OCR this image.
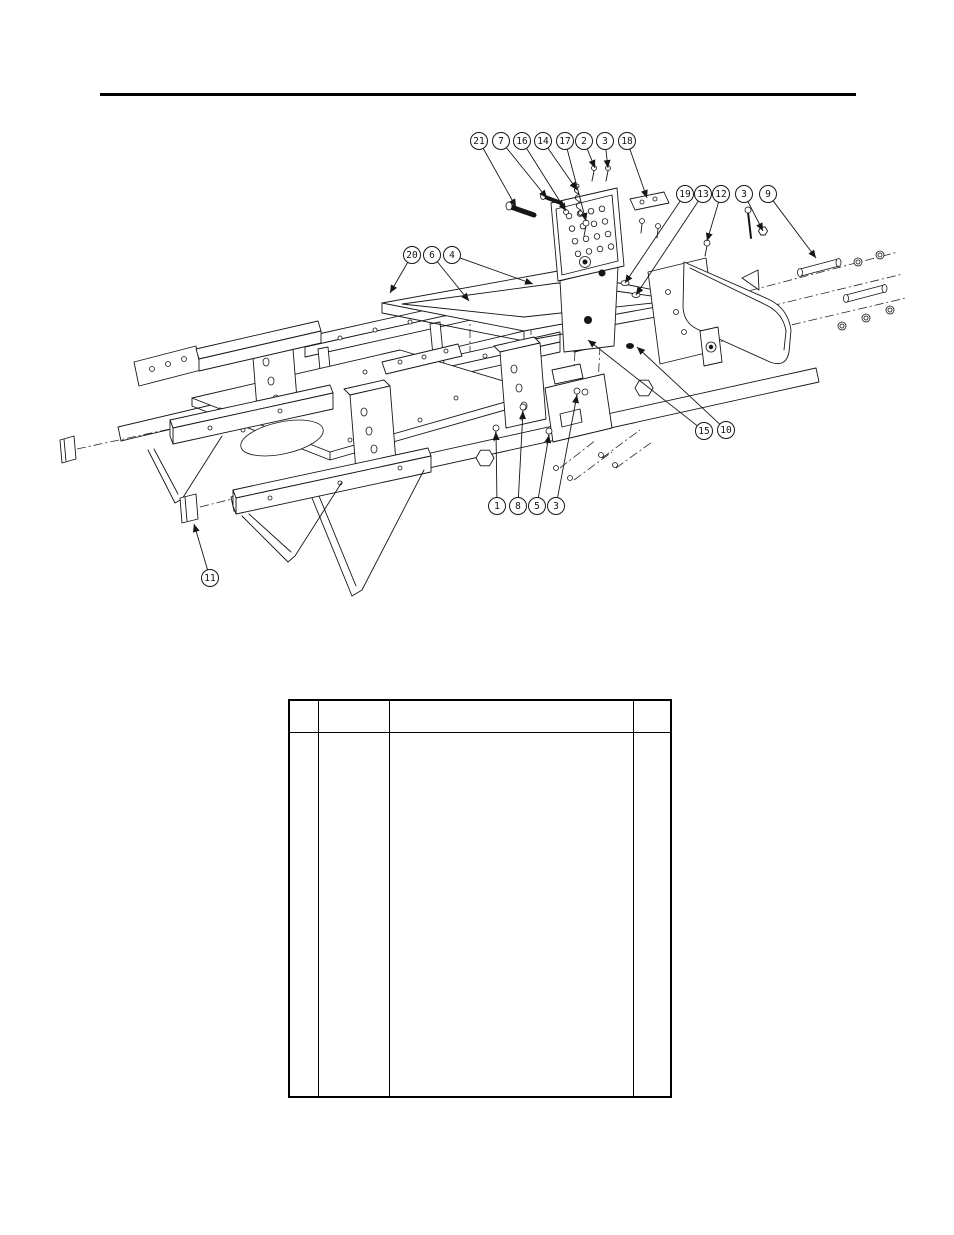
21 7 16 14 17 2 3 18
19 13 12 3 9
20 6 4
15 10
1 8 5 3
11
